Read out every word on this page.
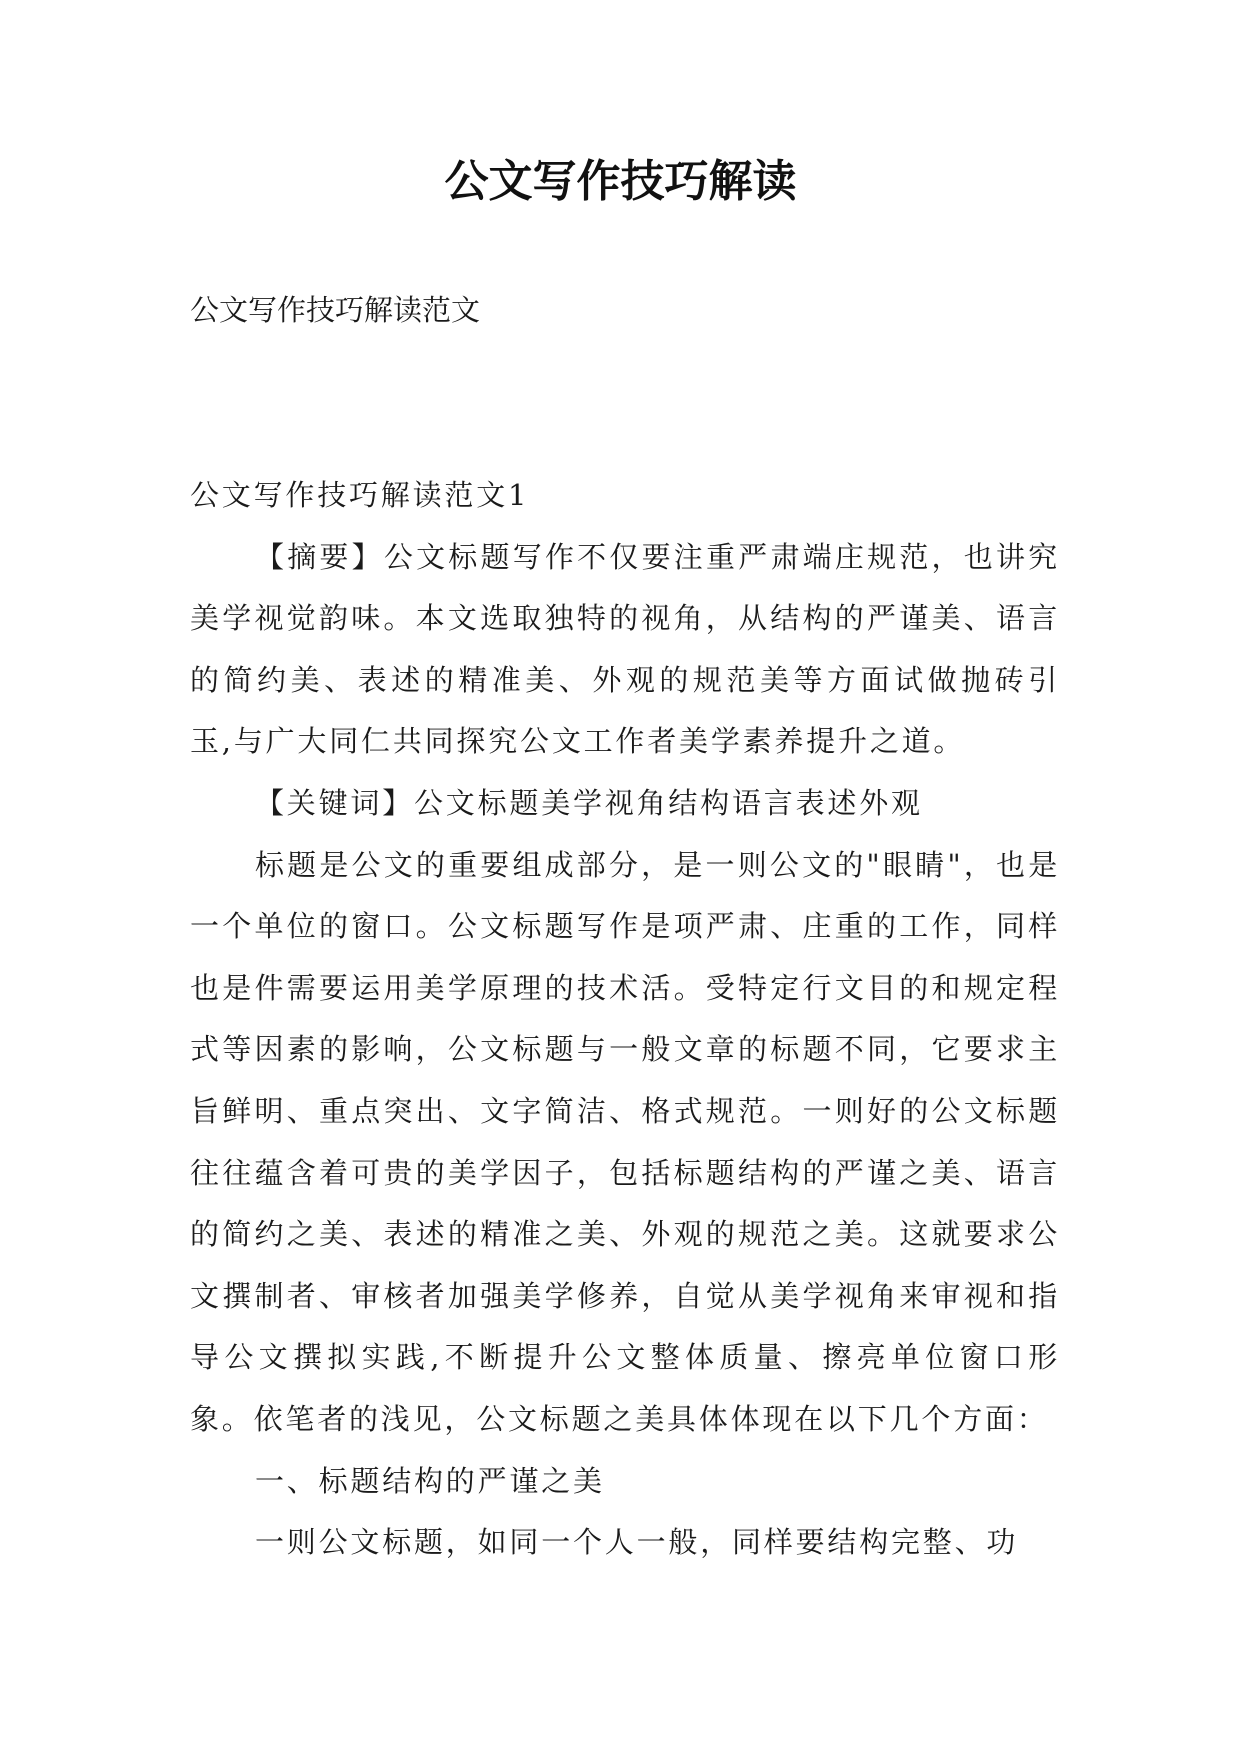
公文写作技巧解读

公文写作技巧解读范文

公文写作技巧解读范文1

【摘要】公文标题写作不仅要注重严肃端庄规范，也讲究美学视觉韵味。本文选取独特的视角，从结构的严谨美、语言的简约美、表述的精准美、外观的规范美等方面试做抛砖引玉,与广大同仁共同探究公文工作者美学素养提升之道。

【关键词】公文标题美学视角结构语言表述外观

标题是公文的重要组成部分，是一则公文的"眼睛"，也是一个单位的窗口。公文标题写作是项严肃、庄重的工作，同样也是件需要运用美学原理的技术活。受特定行文目的和规定程式等因素的影响，公文标题与一般文章的标题不同，它要求主旨鲜明、重点突出、文字简洁、格式规范。一则好的公文标题往往蕴含着可贵的美学因子，包括标题结构的严谨之美、语言的简约之美、表述的精准之美、外观的规范之美。这就要求公文撰制者、审核者加强美学修养，自觉从美学视角来审视和指导公文撰拟实践,不断提升公文整体质量、擦亮单位窗口形象。依笔者的浅见，公文标题之美具体体现在以下几个方面：

一、标题结构的严谨之美

一则公文标题，如同一个人一般，同样要结构完整、功
